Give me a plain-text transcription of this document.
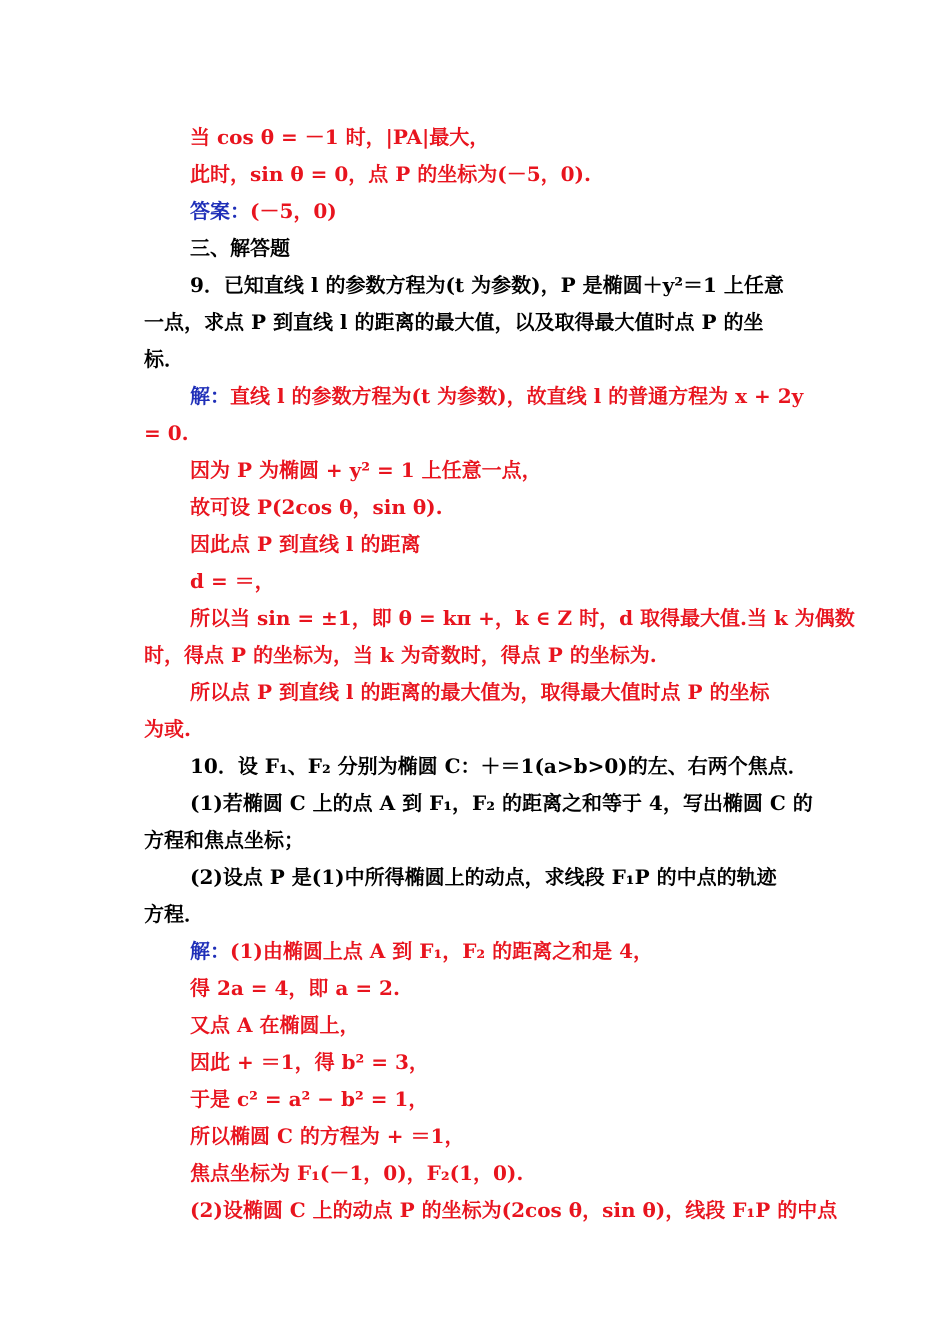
当 cos θ = －1 时，|PA|最大，
此时，sin θ = 0，点 P 的坐标为(－5，0).
答案：(－5，0)
三、解答题
9．已知直线 l 的参数方程为(t 为参数)，P 是椭圆＋y²＝1 上任意
一点，求点 P 到直线 l 的距离的最大值，以及取得最大值时点 P 的坐
标．
解：直线 l 的参数方程为(t 为参数)，故直线 l 的普通方程为 x + 2y
= 0.
因为 P 为椭圆 + y² = 1 上任意一点，
故可设 P(2cos θ，sin θ).
因此点 P 到直线 l 的距离
d = ＝，
所以当 sin = ±1，即 θ = kπ +，k ∈ Z 时，d 取得最大值.当 k 为偶数
时，得点 P 的坐标为，当 k 为奇数时，得点 P 的坐标为.
所以点 P 到直线 l 的距离的最大值为，取得最大值时点 P 的坐标
为或.
10．设 F₁、F₂ 分别为椭圆 C：＋＝1(a>b>0)的左、右两个焦点．
(1)若椭圆 C 上的点 A 到 F₁，F₂ 的距离之和等于 4，写出椭圆 C 的
方程和焦点坐标；
(2)设点 P 是(1)中所得椭圆上的动点，求线段 F₁P 的中点的轨迹
方程．
解：(1)由椭圆上点 A 到 F₁，F₂ 的距离之和是 4，
得 2a = 4，即 a = 2.
又点 A 在椭圆上，
因此 + ＝1，得 b² = 3，
于是 c² = a² − b² = 1，
所以椭圆 C 的方程为 + ＝1，
焦点坐标为 F₁(－1，0)，F₂(1，0).
(2)设椭圆 C 上的动点 P 的坐标为(2cos θ，sin θ)，线段 F₁P 的中点
